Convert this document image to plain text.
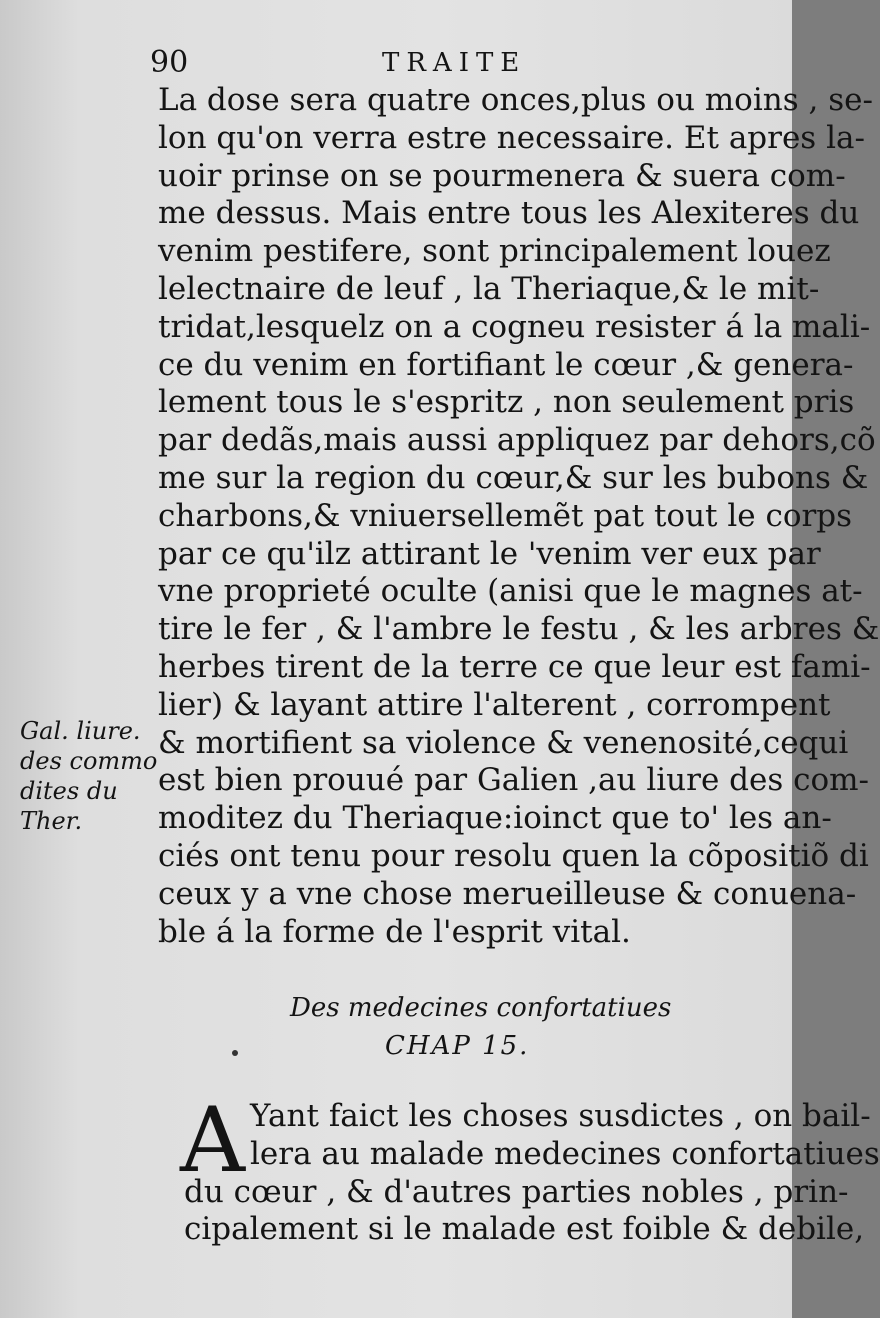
90	TRAITE
La dose sera quatre onces,plus ou moins , se-
lon qu'on verra estre necessaire. Et apres la-
uoir prinse on se pourmenera & suera com-
me dessus. Mais entre tous les Alexiteres du
venim pestifere, sont principalement louez
lelectnaire de leuf , la Theriaque,& le mit-
tridat,lesquelz on a cogneu resister á la mali-
ce du venim en fortifiant le cœur ,& genera-
lement tous le s'espritz , non seulement pris
par dedãs,mais aussi appliquez par dehors,cõ
me sur la region du cœur,& sur les bubons &
charbons,& vniuersellemẽt pat tout le corps
par ce qu'ilz attirant le 'venim ver eux par
vne proprieté oculte (anisi que le magnes at-
tire le fer , & l'ambre le festu , & les arbres &
herbes tirent de la terre ce que leur est fami-
lier) & layant attire l'alterent , corrompent
& mortifient sa violence & venenosité,cequi
est bien prouué par Galien ,au liure des com-
moditez du Theriaque:ioinct que to' les an-
ciés ont tenu pour resolu quen la cõpositiõ di
ceux y a vne chose merueilleuse & conuena-
ble á la forme de l'esprit vital.
Gal. liure.
des commo
dites du
Ther.
Des medecines confortatiues
CHAP 15.
A Yant faict les choses susdictes , on bail-
lera au malade medecines confortatiues
du cœur , & d'autres parties nobles , prin-
cipalement si le malade est foible & debile,
